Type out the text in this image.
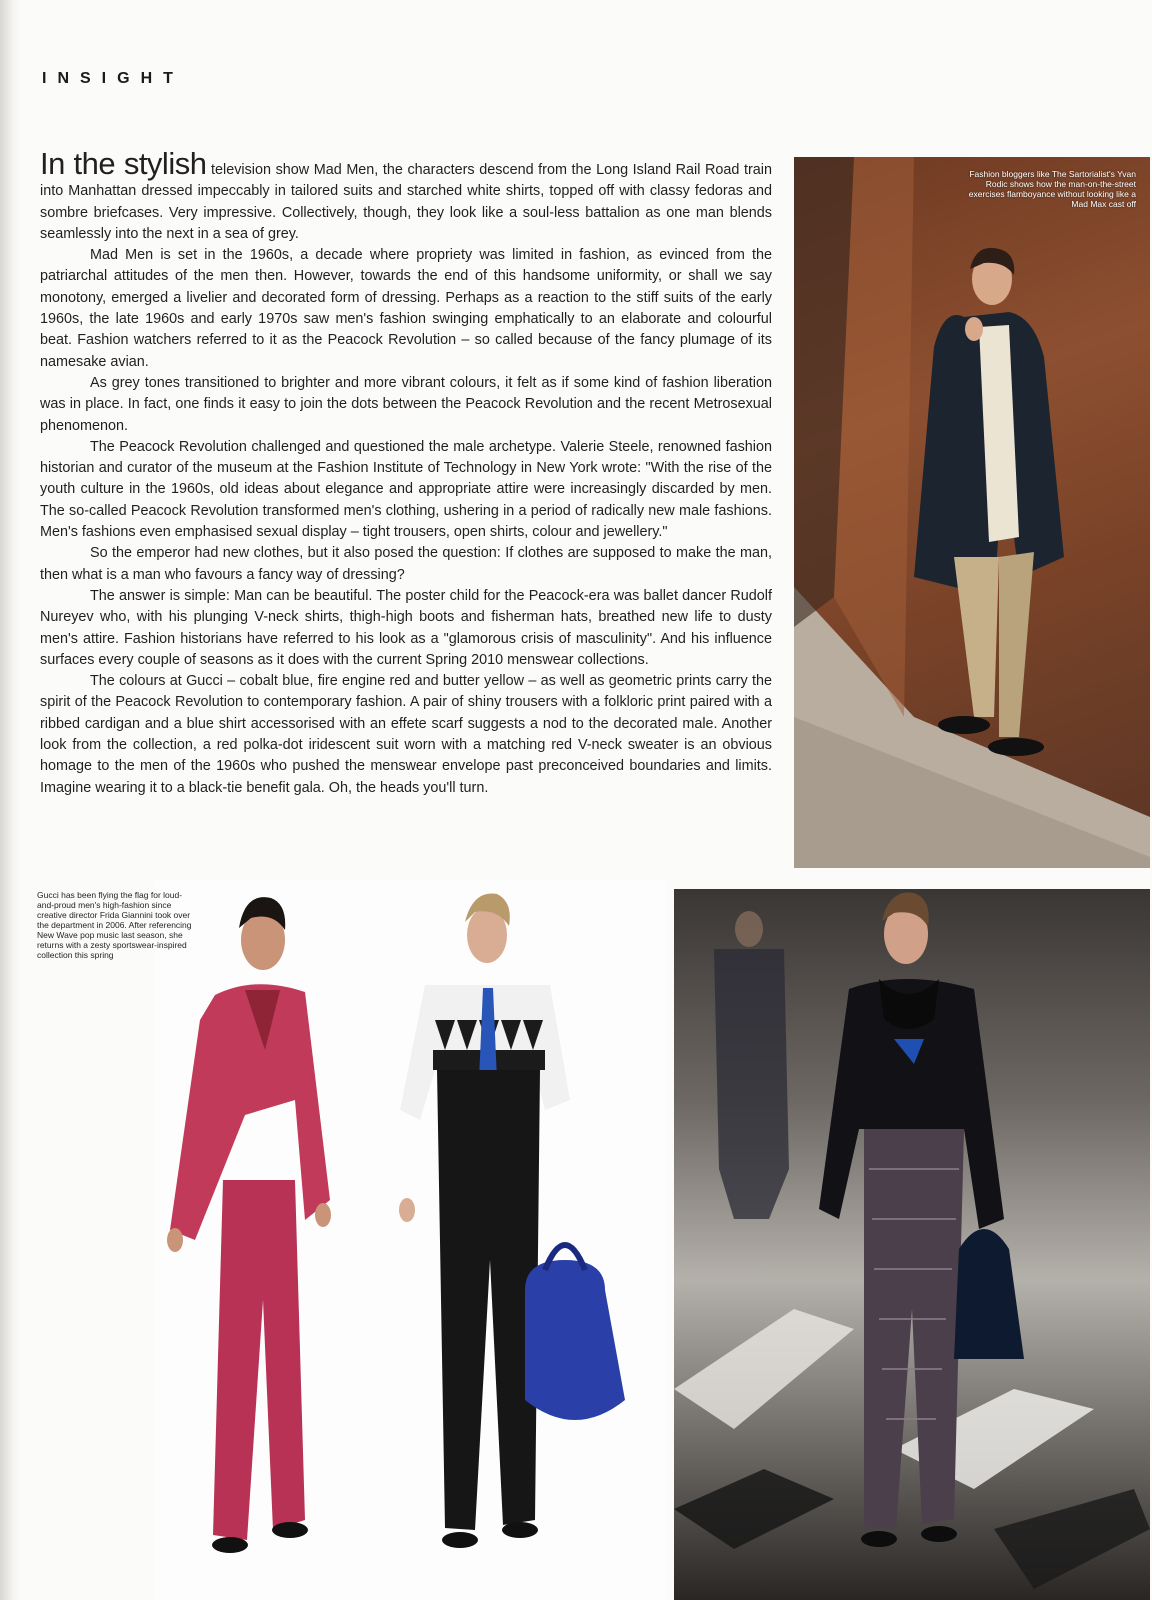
INSIGHT

In the stylish television show Mad Men, the characters descend from the Long Island Rail Road train into Manhattan dressed impeccably in tailored suits and starched white shirts, topped off with classy fedoras and sombre briefcases. Very impressive. Collectively, though, they look like a soul-less battalion as one man blends seamlessly into the next in a sea of grey.

Mad Men is set in the 1960s, a decade where propriety was limited in fashion, as evinced from the patriarchal attitudes of the men then. However, towards the end of this handsome uniformity, or shall we say monotony, emerged a livelier and decorated form of dressing. Perhaps as a reaction to the stiff suits of the early 1960s, the late 1960s and early 1970s saw men's fashion swinging emphatically to an elaborate and colourful beat. Fashion watchers referred to it as the Peacock Revolution – so called because of the fancy plumage of its namesake avian.

As grey tones transitioned to brighter and more vibrant colours, it felt as if some kind of fashion liberation was in place. In fact, one finds it easy to join the dots between the Peacock Revolution and the recent Metrosexual phenomenon.

The Peacock Revolution challenged and questioned the male archetype. Valerie Steele, renowned fashion historian and curator of the museum at the Fashion Institute of Technology in New York wrote: "With the rise of the youth culture in the 1960s, old ideas about elegance and appropriate attire were increasingly discarded by men. The so-called Peacock Revolution transformed men's clothing, ushering in a period of radically new male fashions. Men's fashions even emphasised sexual display – tight trousers, open shirts, colour and jewellery."

So the emperor had new clothes, but it also posed the question: If clothes are supposed to make the man, then what is a man who favours a fancy way of dressing?

The answer is simple: Man can be beautiful. The poster child for the Peacock-era was ballet dancer Rudolf Nureyev who, with his plunging V-neck shirts, thigh-high boots and fisherman hats, breathed new life to dusty men's attire. Fashion historians have referred to his look as a "glamorous crisis of masculinity". And his influence surfaces every couple of seasons as it does with the current Spring 2010 menswear collections.

The colours at Gucci – cobalt blue, fire engine red and butter yellow – as well as geometric prints carry the spirit of the Peacock Revolution to contemporary fashion. A pair of shiny trousers with a folkloric print paired with a ribbed cardigan and a blue shirt accessorised with an effete scarf suggests a nod to the decorated male. Another look from the collection, a red polka-dot iridescent suit worn with a matching red V-neck sweater is an obvious homage to the men of the 1960s who pushed the menswear envelope past preconceived boundaries and limits. Imagine wearing it to a black-tie benefit gala. Oh, the heads you'll turn.

Fashion bloggers like The Sartorialist's Yvan Rodic shows how the man-on-the-street exercises flamboyance without looking like a Mad Max cast off
Gucci has been flying the flag for loud-and-proud men's high-fashion since creative director Frida Giannini took over the department in 2006. After referencing New Wave pop music last season, she returns with a zesty sportswear-inspired collection this spring
